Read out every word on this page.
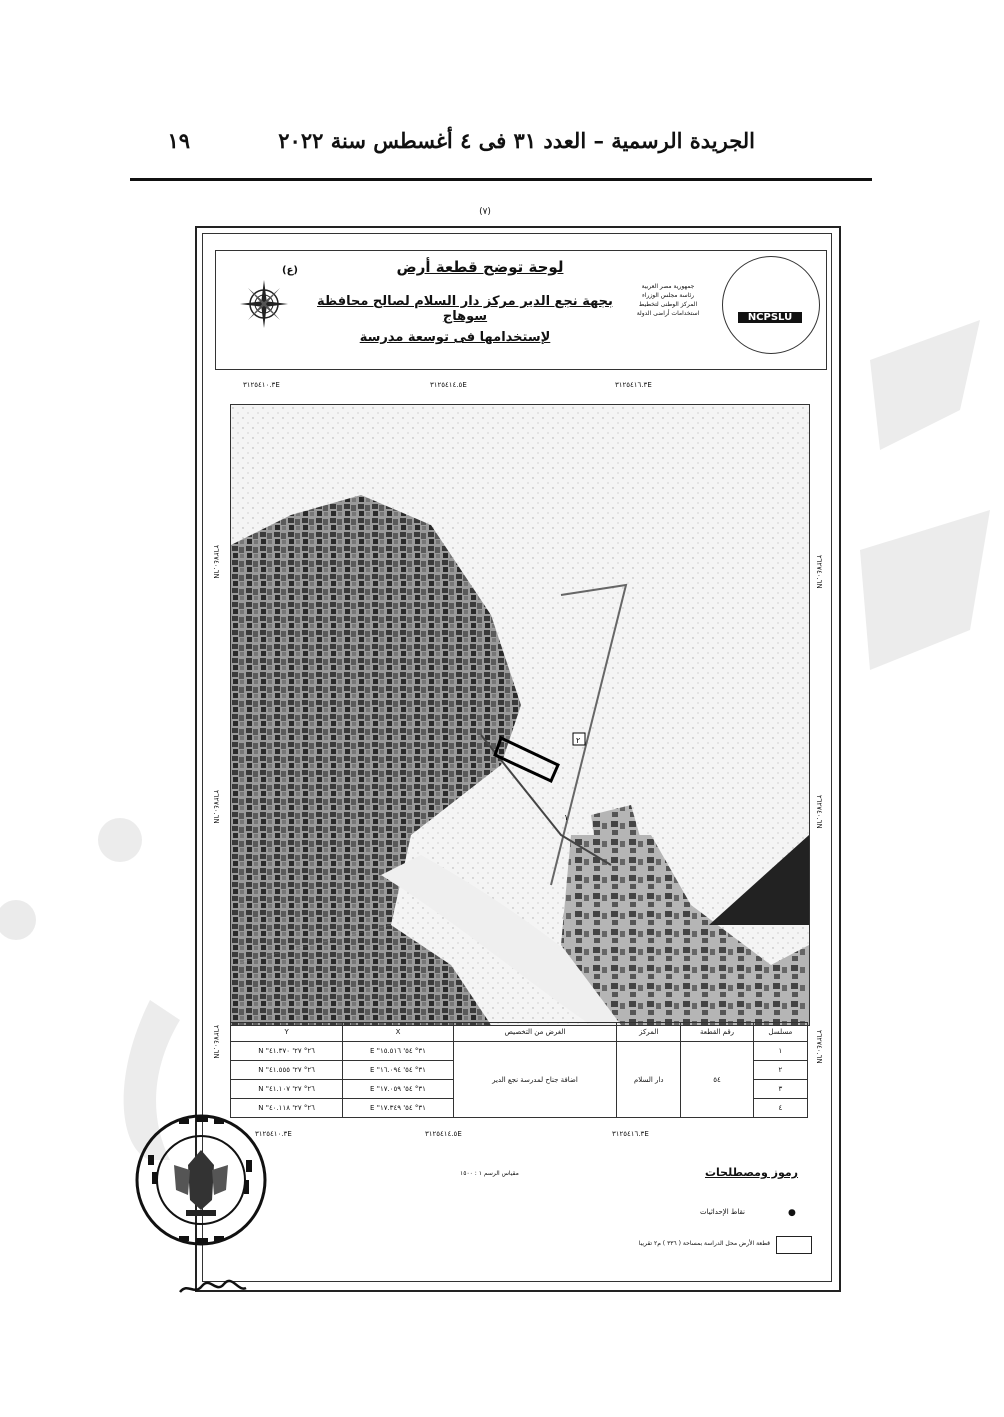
الجريدة الرسمية – العدد ٣١ فى ٤ أغسطس سنة ٢٠٢٢
١٩
(٧)
لوحة توضح قطعة أرض
بجهة نجع الدير مركز دار السلام لصالح محافظة سوهاج
لإستخدامها فى توسعة مدرسة
جمهورية مصر العربية
رئاسة مجلس الوزراء
المركز الوطنى لتخطيط
استخدامات أراضى الدولة	NCPSLU
(ع)
٣١٢٥٤١٠.٣E	٣١٢٥٤١٤.٥E	٣١٢٥٤١٦.٣E
٣١٢٥٤١٠.٣E	٣١٢٥٤١٤.٥E	٣١٢٥٤١٦.٣E
٢٦٢٧٤٠.٦N
٢٦٢٧٤٠.٦N
٢٦٢٧٤٠.٦N
٢٦٢٧٤٠.٦N
٢٦٢٧٤٠.٦N
٢٦٢٧٤٠.٦N
٢
١
مسلسل	رقم القطعة	المركز	الغرض من التخصيص	X	Y
١	٥٤	دار السلام	اضافة جناح لمدرسة نجع الدير	٣١° ٥٤' ١٥.٥١٦" E	٢٦° ٢٧' ٤١.٣٧٠" N
٢				٣١° ٥٤' ١٦.٠٩٤" E	٢٦° ٢٧' ٤١.٥٥٥" N
٣				٣١° ٥٤' ١٧.٠٥٩" E	٢٦° ٢٧' ٤١.١٠٧" N
٤				٣١° ٥٤' ١٧.٣٤٩" E	٢٦° ٢٧' ٤٠.١١٨" N
رموز ومصطلحات
●
نقاط الإحداثيات
قطعة الأرض محل الدراسة بمساحة ( ٣٣٦ ) م٢ تقريبا
مقياس الرسم ١ : ١٥٠٠
